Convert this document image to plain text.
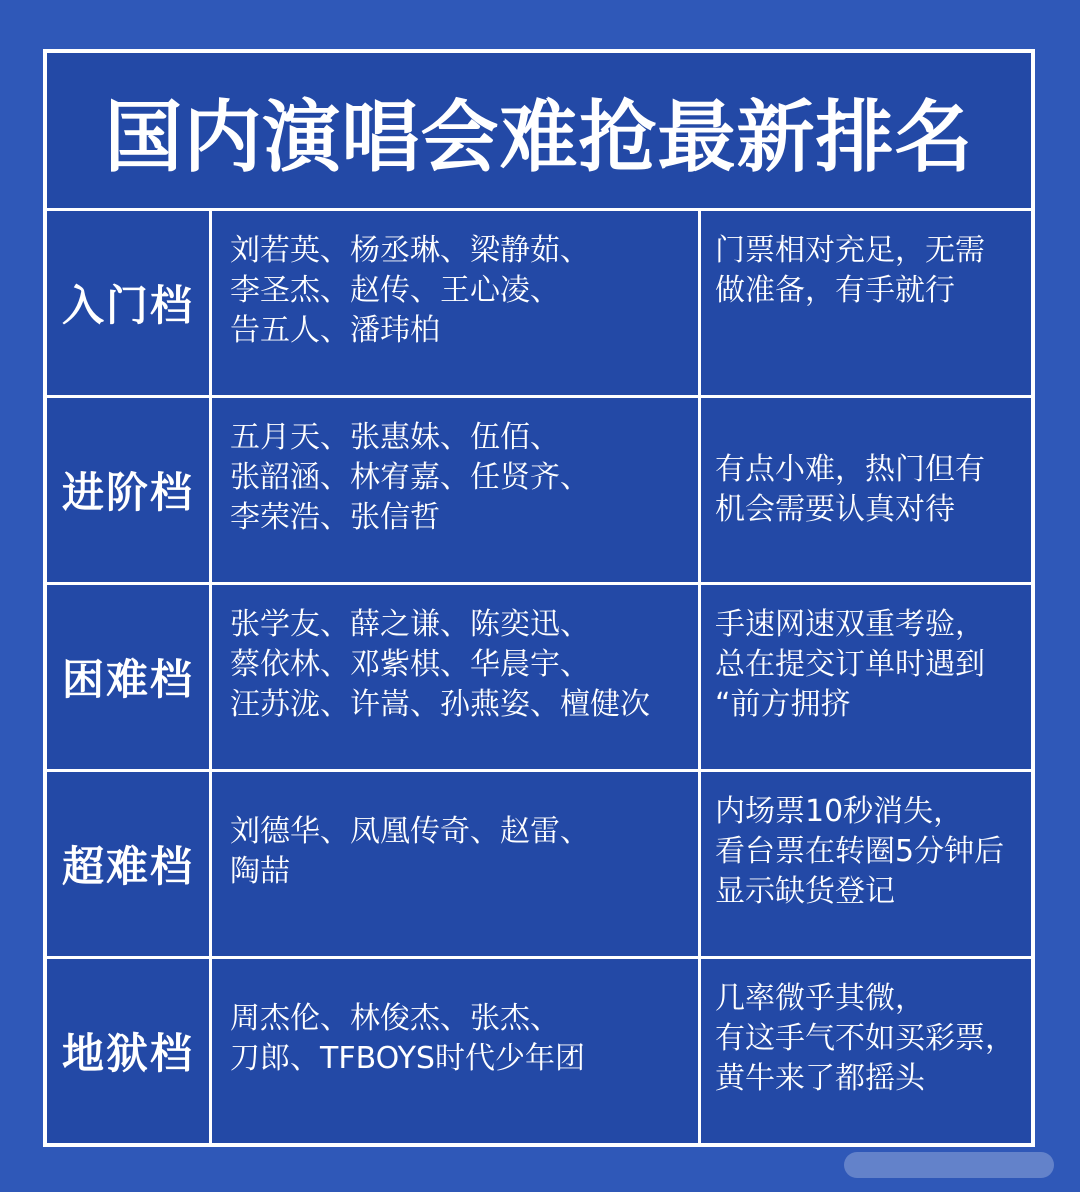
国内演唱会难抢最新排名
入门档
刘若英、杨丞琳、梁静茹、
李圣杰、赵传、王心凌、
告五人、潘玮柏
门票相对充足，无需
做准备，有手就行
进阶档
五月天、张惠妹、伍佰、
张韶涵、林宥嘉、任贤齐、
李荣浩、张信哲
有点小难，热门但有
机会需要认真对待
困难档
张学友、薛之谦、陈奕迅、
蔡依林、邓紫棋、华晨宇、
汪苏泷、许嵩、孙燕姿、檀健次
手速网速双重考验，
总在提交订单时遇到
“前方拥挤
超难档
刘德华、凤凰传奇、赵雷、
陶喆
内场票10秒消失，
看台票在转圈5分钟后
显示缺货登记
地狱档
周杰伦、林俊杰、张杰、
刀郎、TFBOYS时代少年团
几率微乎其微，
有这手气不如买彩票，
黄牛来了都摇头
